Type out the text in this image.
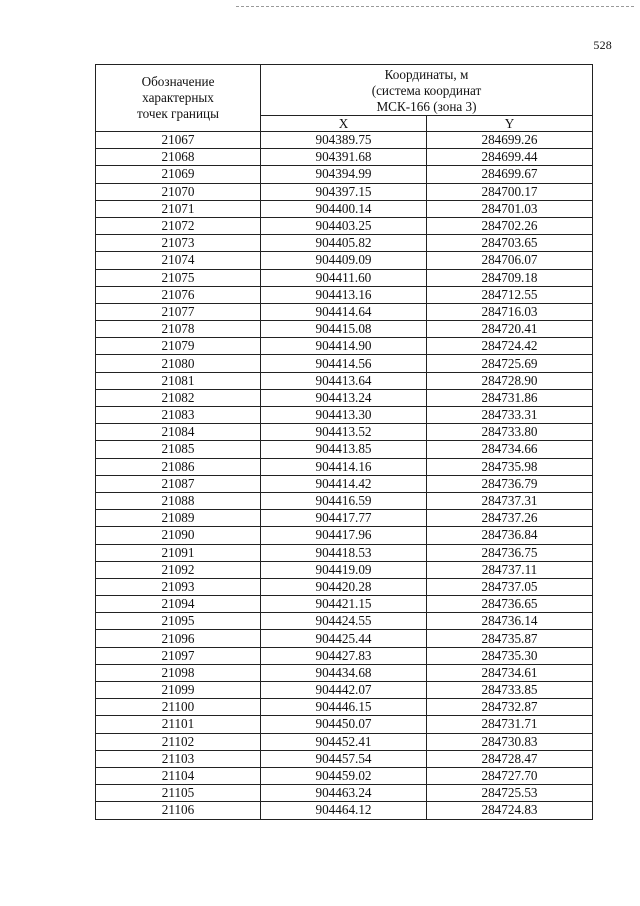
528
Обозначение
характерных
точек границы	Координаты, м
(система координат
МСК-166 (зона 3)	

	X	Y
21067	904389.75	284699.26
21068	904391.68	284699.44
21069	904394.99	284699.67
21070	904397.15	284700.17
21071	904400.14	284701.03
21072	904403.25	284702.26
21073	904405.82	284703.65
21074	904409.09	284706.07
21075	904411.60	284709.18
21076	904413.16	284712.55
21077	904414.64	284716.03
21078	904415.08	284720.41
21079	904414.90	284724.42
21080	904414.56	284725.69
21081	904413.64	284728.90
21082	904413.24	284731.86
21083	904413.30	284733.31
21084	904413.52	284733.80
21085	904413.85	284734.66
21086	904414.16	284735.98
21087	904414.42	284736.79
21088	904416.59	284737.31
21089	904417.77	284737.26
21090	904417.96	284736.84
21091	904418.53	284736.75
21092	904419.09	284737.11
21093	904420.28	284737.05
21094	904421.15	284736.65
21095	904424.55	284736.14
21096	904425.44	284735.87
21097	904427.83	284735.30
21098	904434.68	284734.61
21099	904442.07	284733.85
21100	904446.15	284732.87
21101	904450.07	284731.71
21102	904452.41	284730.83
21103	904457.54	284728.47
21104	904459.02	284727.70
21105	904463.24	284725.53
21106	904464.12	284724.83
